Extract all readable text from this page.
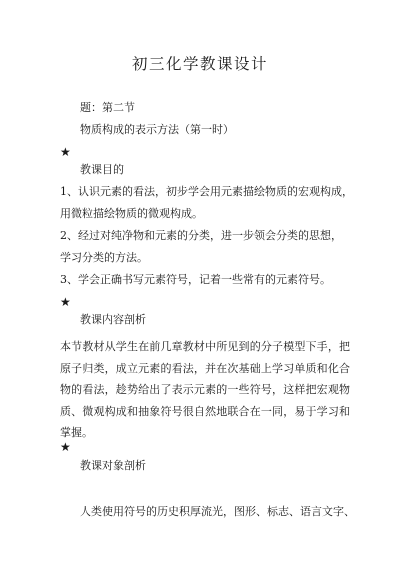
初三化学教课设计
题：第二节
物质构成的表示方法（第一时）
★
教课目的
1、认识元素的看法，初步学会用元素描绘物质的宏观构成，
用微粒描绘物质的微观构成。
2、经过对纯净物和元素的分类，进一步领会分类的思想，
学习分类的方法。
3、学会正确书写元素符号，记着一些常有的元素符号。
★
教课内容剖析
本节教材从学生在前几章教材中所见到的分子模型下手，把原子归类，成立元素的看法，并在次基础上学习单质和化合物的看法，趁势给出了表示元素的一些符号，这样把宏观物质、微观构成和抽象符号很自然地联合在一同，易于学习和掌握。
★
教课对象剖析
人类使用符号的历史积厚流光，图形、标志、语言文字、
